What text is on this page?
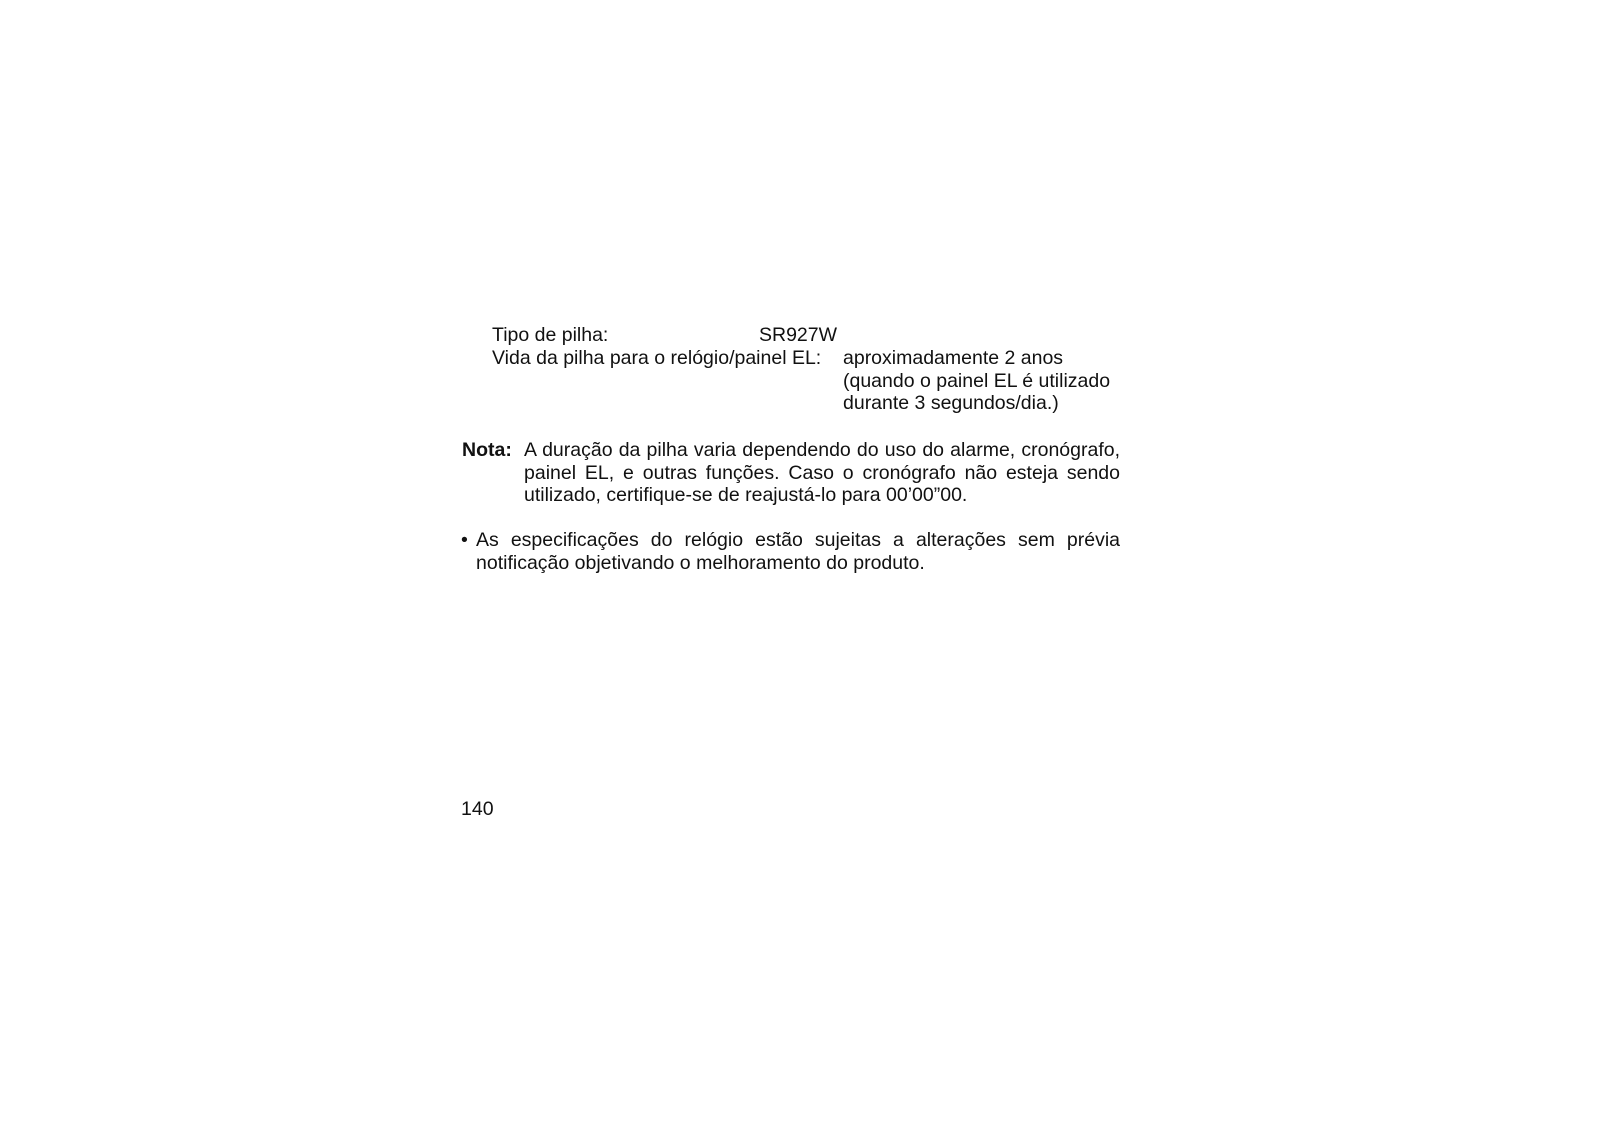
Tipo de pilha:	SR927W
Vida da pilha para o relógio/painel EL: aproximadamente 2 anos
(quando o painel EL é utilizado
durante 3 segundos/dia.)
Nota: A duração da pilha varia dependendo do uso do alarme, cronógrafo,
painel EL, e outras funções. Caso o cronógrafo não esteja sendo
utilizado, certifique-se de reajustá-lo para 00’00”00.
• As especificações do relógio estão sujeitas a alterações sem prévia
notificação objetivando o melhoramento do produto.
140
